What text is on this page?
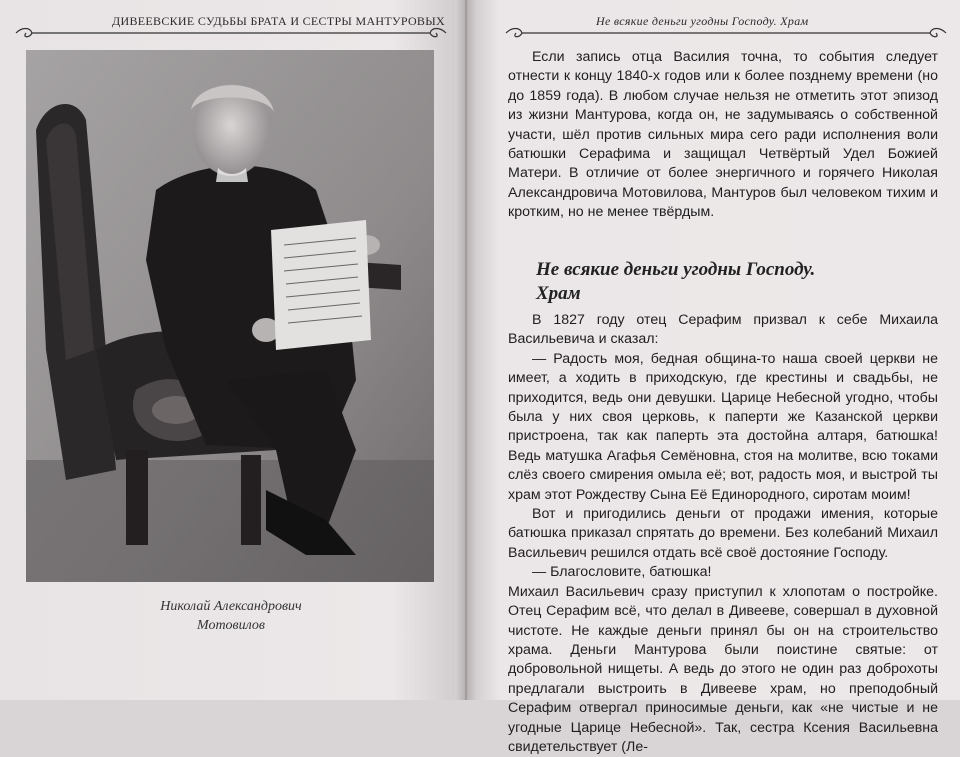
ДИВЕЕВСКИЕ СУДЬБЫ БРАТА И СЕСТРЫ МАНТУРОВЫХ
Николай Александрович
Мотовилов
Не всякие деньги угодны Господу. Храм

Если запись отца Василия точна, то события следует отнести к концу 1840-х годов или к более позднему времени (но до 1859 года). В любом случае нельзя не отметить этот эпизод из жизни Мантурова, когда он, не задумываясь о собственной участи, шёл против сильных мира сего ради исполнения воли батюшки Серафима и защищал Четвёртый Удел Божией Матери. В отличие от более энергичного и горячего Николая Александровича Мотовилова, Мантуров был человеком тихим и кротким, но не менее твёрдым.

Не всякие деньги угодны Господу.
Храм

В 1827 году отец Серафим призвал к себе Михаила Васильевича и сказал:

— Радость моя, бедная община-то наша своей церкви не имеет, а ходить в приходскую, где крестины и свадьбы, не приходится, ведь они девушки. Царице Небесной угодно, чтобы была у них своя церковь, к паперти же Казанской церкви пристроена, так как паперть эта достойна алтаря, батюшка! Ведь матушка Агафья Семёновна, стоя на молитве, всю токами слёз своего смирения омыла её; вот, радость моя, и выстрой ты храм этот Рождеству Сына Её Единородного, сиротам моим!

Вот и пригодились деньги от продажи имения, которые батюшка приказал спрятать до времени. Без колебаний Михаил Васильевич решился отдать всё своё достояние Господу.

— Благословите, батюшка!

Михаил Васильевич сразу приступил к хлопотам о постройке. Отец Серафим всё, что делал в Дивееве, совершал в духовной чистоте. Не каждые деньги принял бы он на строительство храма. Деньги Мантурова были поистине святые: от добровольной нищеты. А ведь до этого не один раз доброхоты предлагали выстроить в Дивееве храм, но преподобный Серафим отвергал приносимые деньги, как «не чистые и не угодные Царице Небесной». Так, сестра Ксения Васильевна свидетельствует (Ле-
